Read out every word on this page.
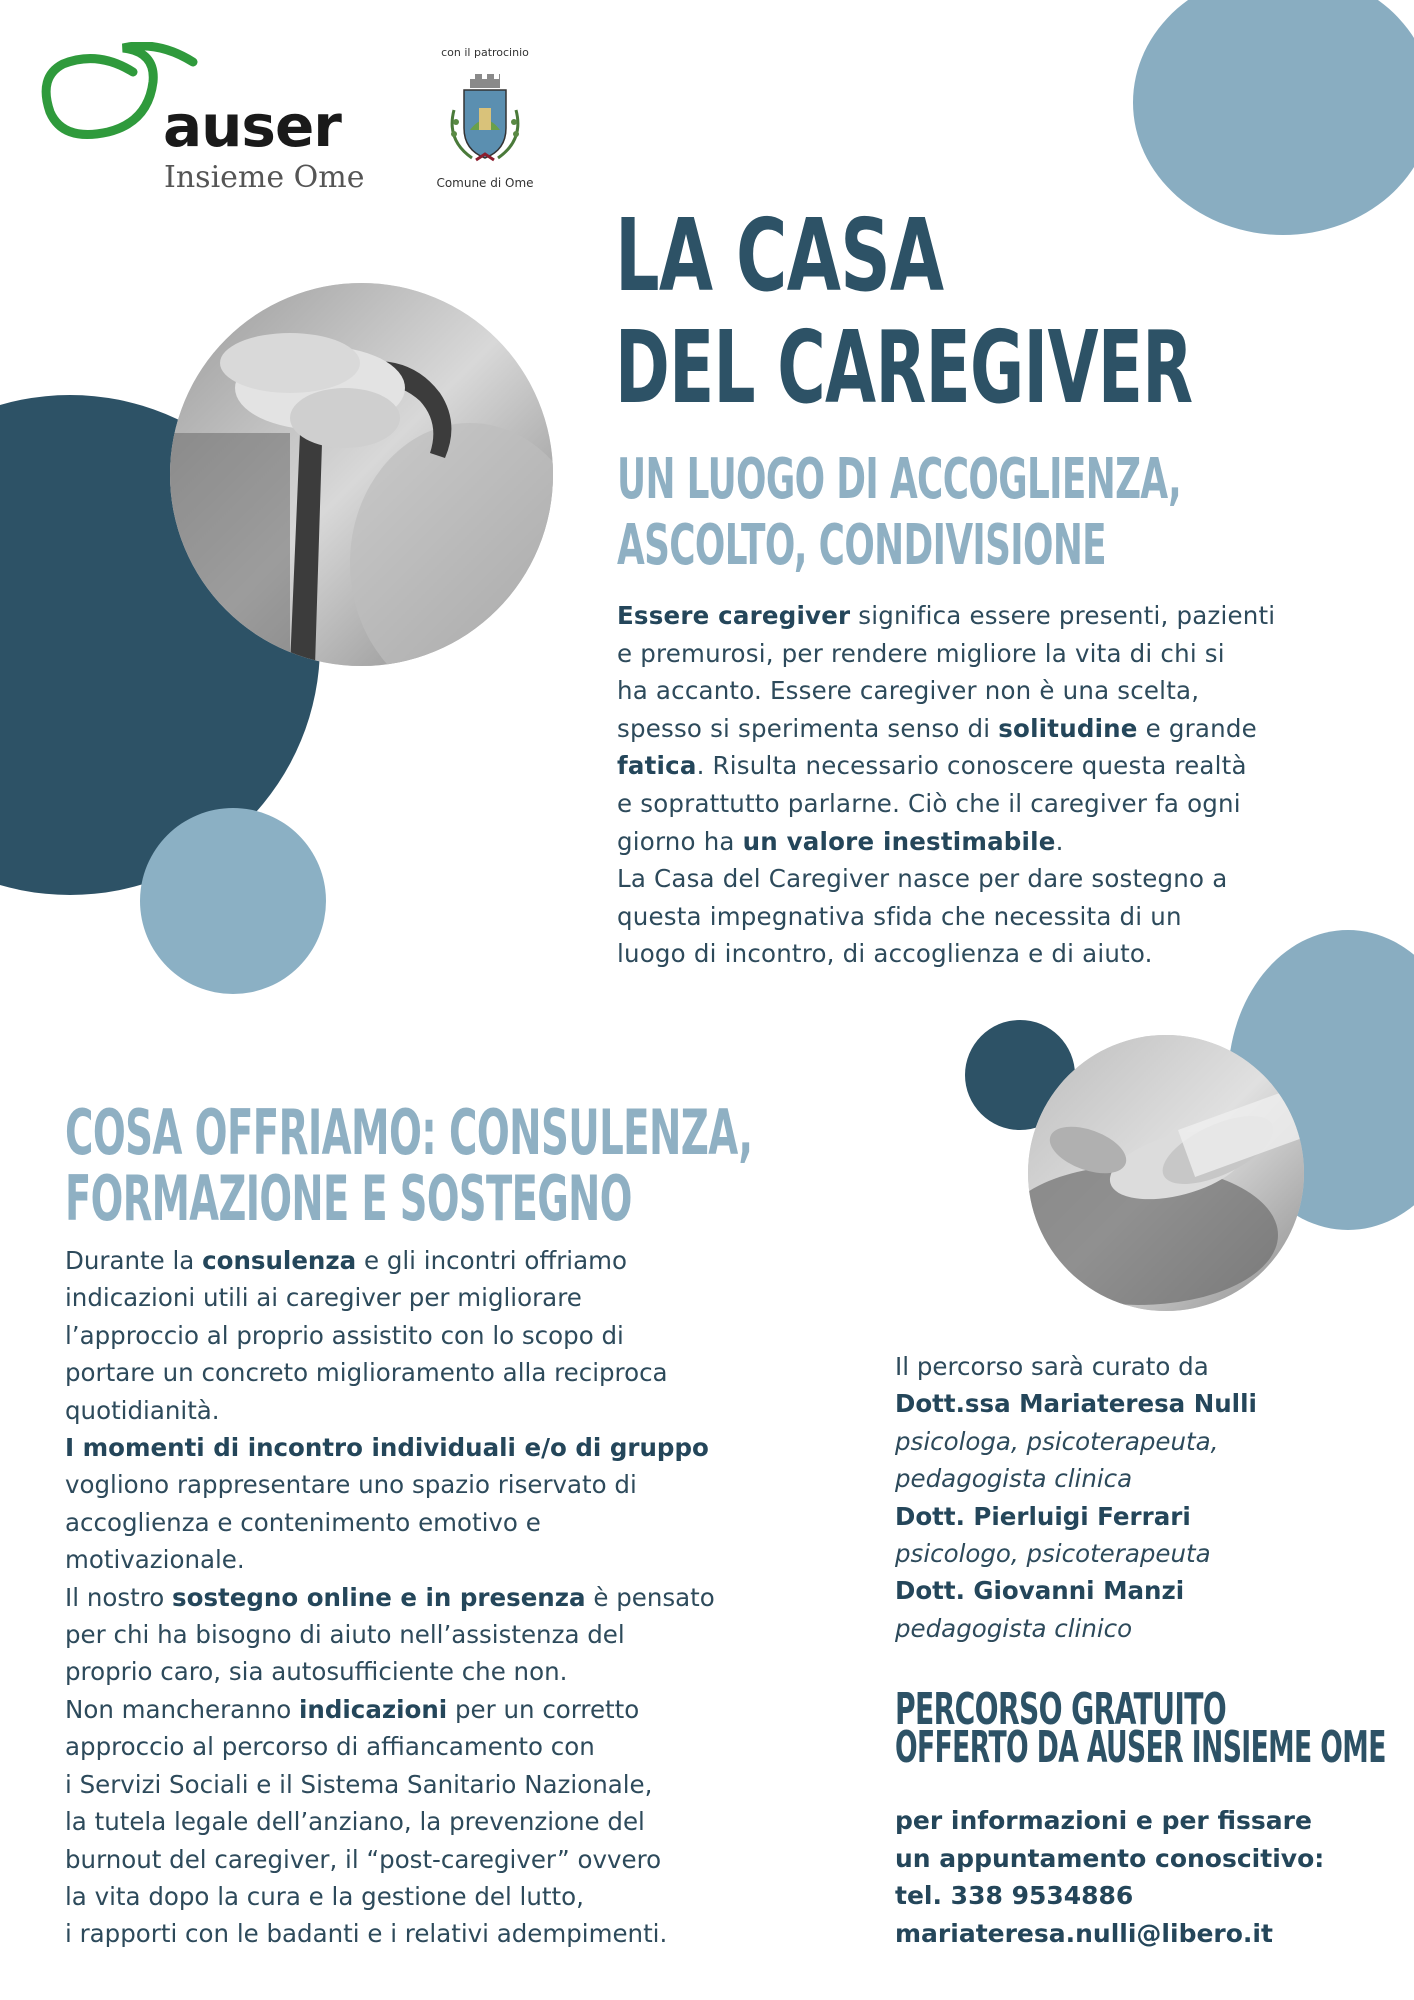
auser
Insieme Ome
con il patrocinio
Comune di Ome
LA CASA
DEL CAREGIVER
UN LUOGO DI ACCOGLIENZA,
ASCOLTO, CONDIVISIONE
Essere caregiver significa essere presenti, pazienti
e premurosi, per rendere migliore la vita di chi si
ha accanto. Essere caregiver non è una scelta,
spesso si sperimenta senso di solitudine e grande
fatica. Risulta necessario conoscere questa realtà
e soprattutto parlarne. Ciò che il caregiver fa ogni
giorno ha un valore inestimabile.
La Casa del Caregiver nasce per dare sostegno a
questa impegnativa sfida che necessita di un
luogo di incontro, di accoglienza e di aiuto.
COSA OFFRIAMO: CONSULENZA,
FORMAZIONE E SOSTEGNO
Durante la consulenza e gli incontri offriamo
indicazioni utili ai caregiver per migliorare
l’approccio al proprio assistito con lo scopo di
portare un concreto miglioramento alla reciproca
quotidianità.
I momenti di incontro individuali e/o di gruppo
vogliono rappresentare uno spazio riservato di
accoglienza e contenimento emotivo e
motivazionale.
Il nostro sostegno online e in presenza è pensato
per chi ha bisogno di aiuto nell’assistenza del
proprio caro, sia autosufficiente che non.
Non mancheranno indicazioni per un corretto
approccio al percorso di affiancamento con
i Servizi Sociali e il Sistema Sanitario Nazionale,
la tutela legale dell’anziano, la prevenzione del
burnout del caregiver, il “post-caregiver” ovvero
la vita dopo la cura e la gestione del lutto,
i rapporti con le badanti e i relativi adempimenti.
Il percorso sarà curato da
Dott.ssa Mariateresa Nulli
psicologa, psicoterapeuta,
pedagogista clinica
Dott. Pierluigi Ferrari
psicologo, psicoterapeuta
Dott. Giovanni Manzi
pedagogista clinico
PERCORSO GRATUITO
OFFERTO DA AUSER INSIEME OME
per informazioni e per fissare
un appuntamento conoscitivo:
tel. 338 9534886
mariateresa.nulli@libero.it
